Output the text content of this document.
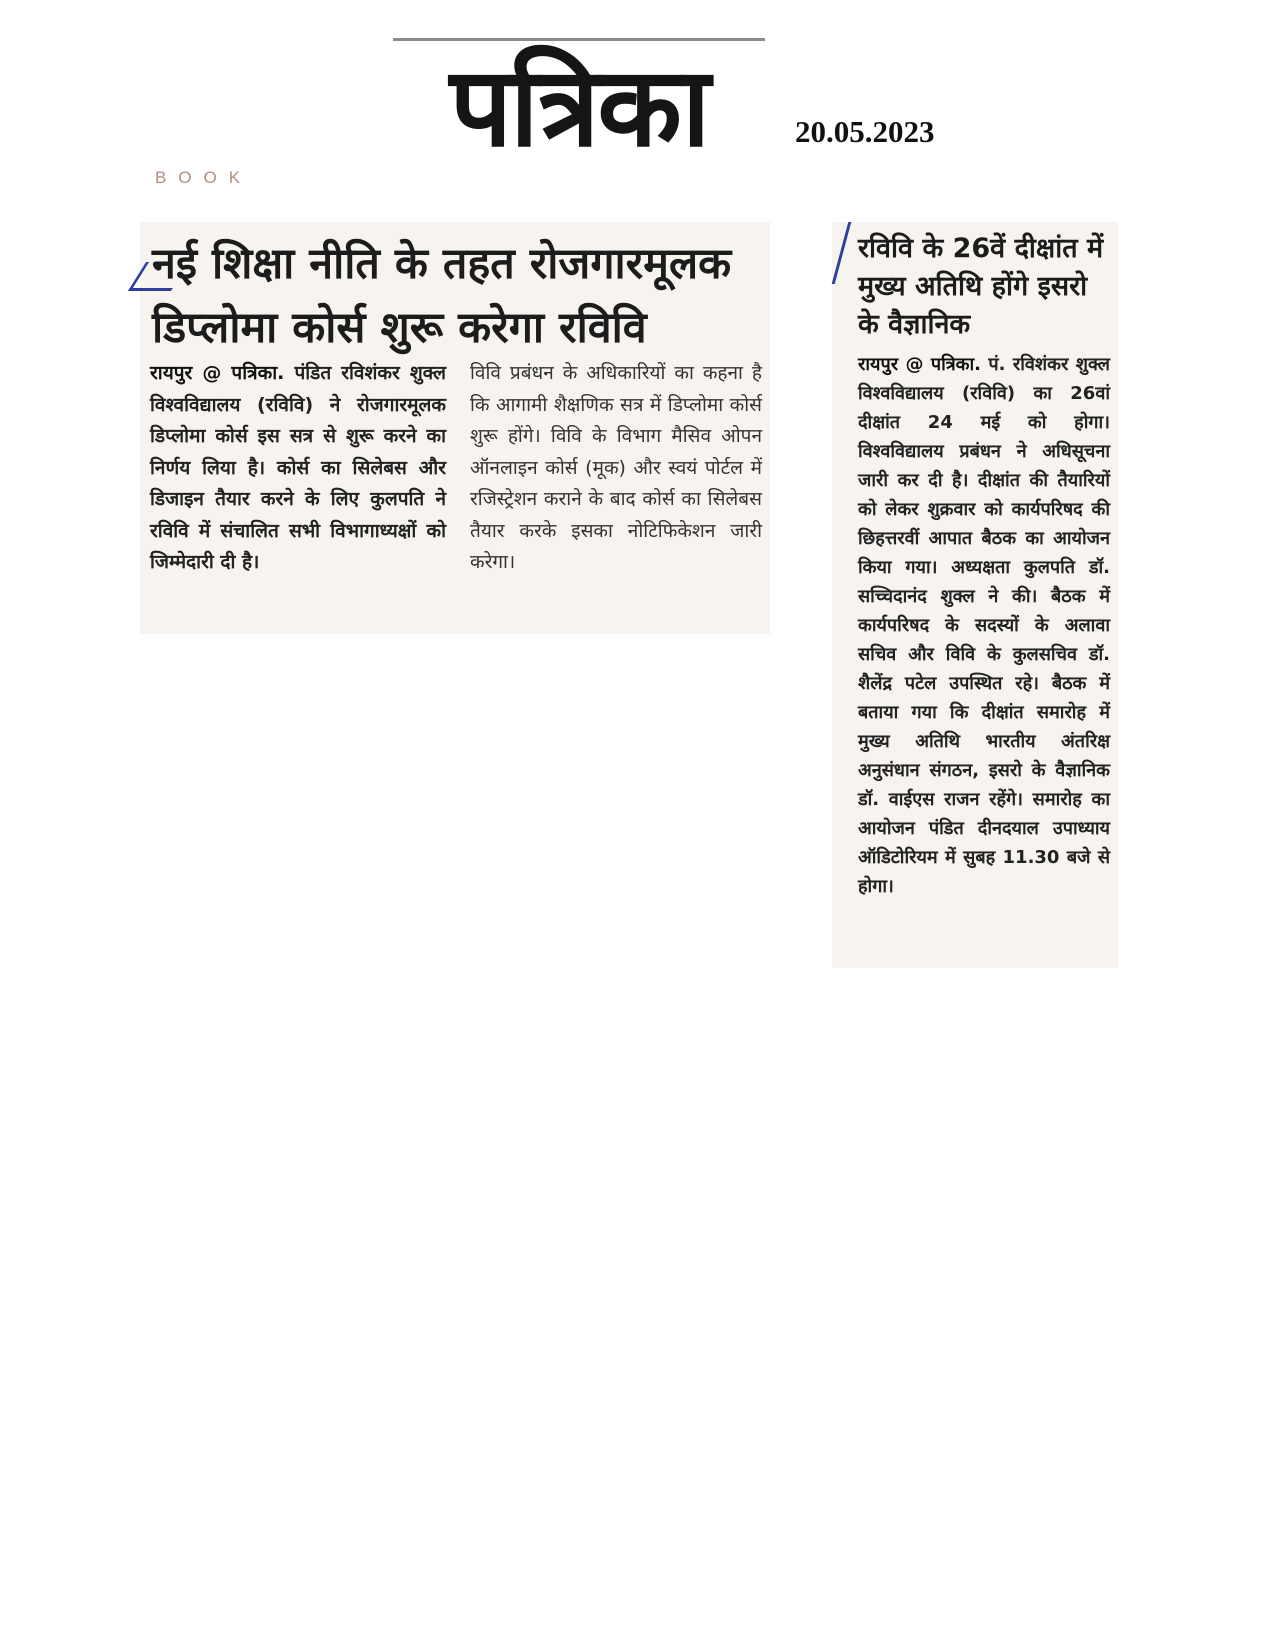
पत्रिका	20.05.2023
BOOK
नई शिक्षा नीति के तहत रोजगारमूलक डिप्लोमा कोर्स शुरू करेगा रविवि
रायपुर @ पत्रिका. पंडित रविशंकर शुक्ल विश्वविद्यालय (रविवि) ने रोजगारमूलक डिप्लोमा कोर्स इस सत्र से शुरू करने का निर्णय लिया है। कोर्स का सिलेबस और डिजाइन तैयार करने के लिए कुलपति ने रविवि में संचालित सभी विभागाध्यक्षों को जिम्मेदारी दी है।
विवि प्रबंधन के अधिकारियों का कहना है कि आगामी शैक्षणिक सत्र में डिप्लोमा कोर्स शुरू होंगे। विवि के विभाग मैसिव ओपन ऑनलाइन कोर्स (मूक) और स्वयं पोर्टल में रजिस्ट्रेशन कराने के बाद कोर्स का सिलेबस तैयार करके इसका नोटिफिकेशन जारी करेगा।
रविवि के 26वें दीक्षांत में मुख्य अतिथि होंगे इसरो के वैज्ञानिक
रायपुर @ पत्रिका. पं. रविशंकर शुक्ल विश्वविद्यालय (रविवि) का 26वां दीक्षांत 24 मई को होगा। विश्वविद्यालय प्रबंधन ने अधिसूचना जारी कर दी है। दीक्षांत की तैयारियों को लेकर शुक्रवार को कार्यपरिषद की छिहत्तरवीं आपात बैठक का आयोजन किया गया। अध्यक्षता कुलपति डॉ. सच्चिदानंद शुक्ल ने की। बैठक में कार्यपरिषद के सदस्यों के अलावा सचिव और विवि के कुलसचिव डॉ. शैलेंद्र पटेल उपस्थित रहे। बैठक में बताया गया कि दीक्षांत समारोह में मुख्य अतिथि भारतीय अंतरिक्ष अनुसंधान संगठन, इसरो के वैज्ञानिक डॉ. वाईएस राजन रहेंगे। समारोह का आयोजन पंडित दीनदयाल उपाध्याय ऑडिटोरियम में सुबह 11.30 बजे से होगा।
